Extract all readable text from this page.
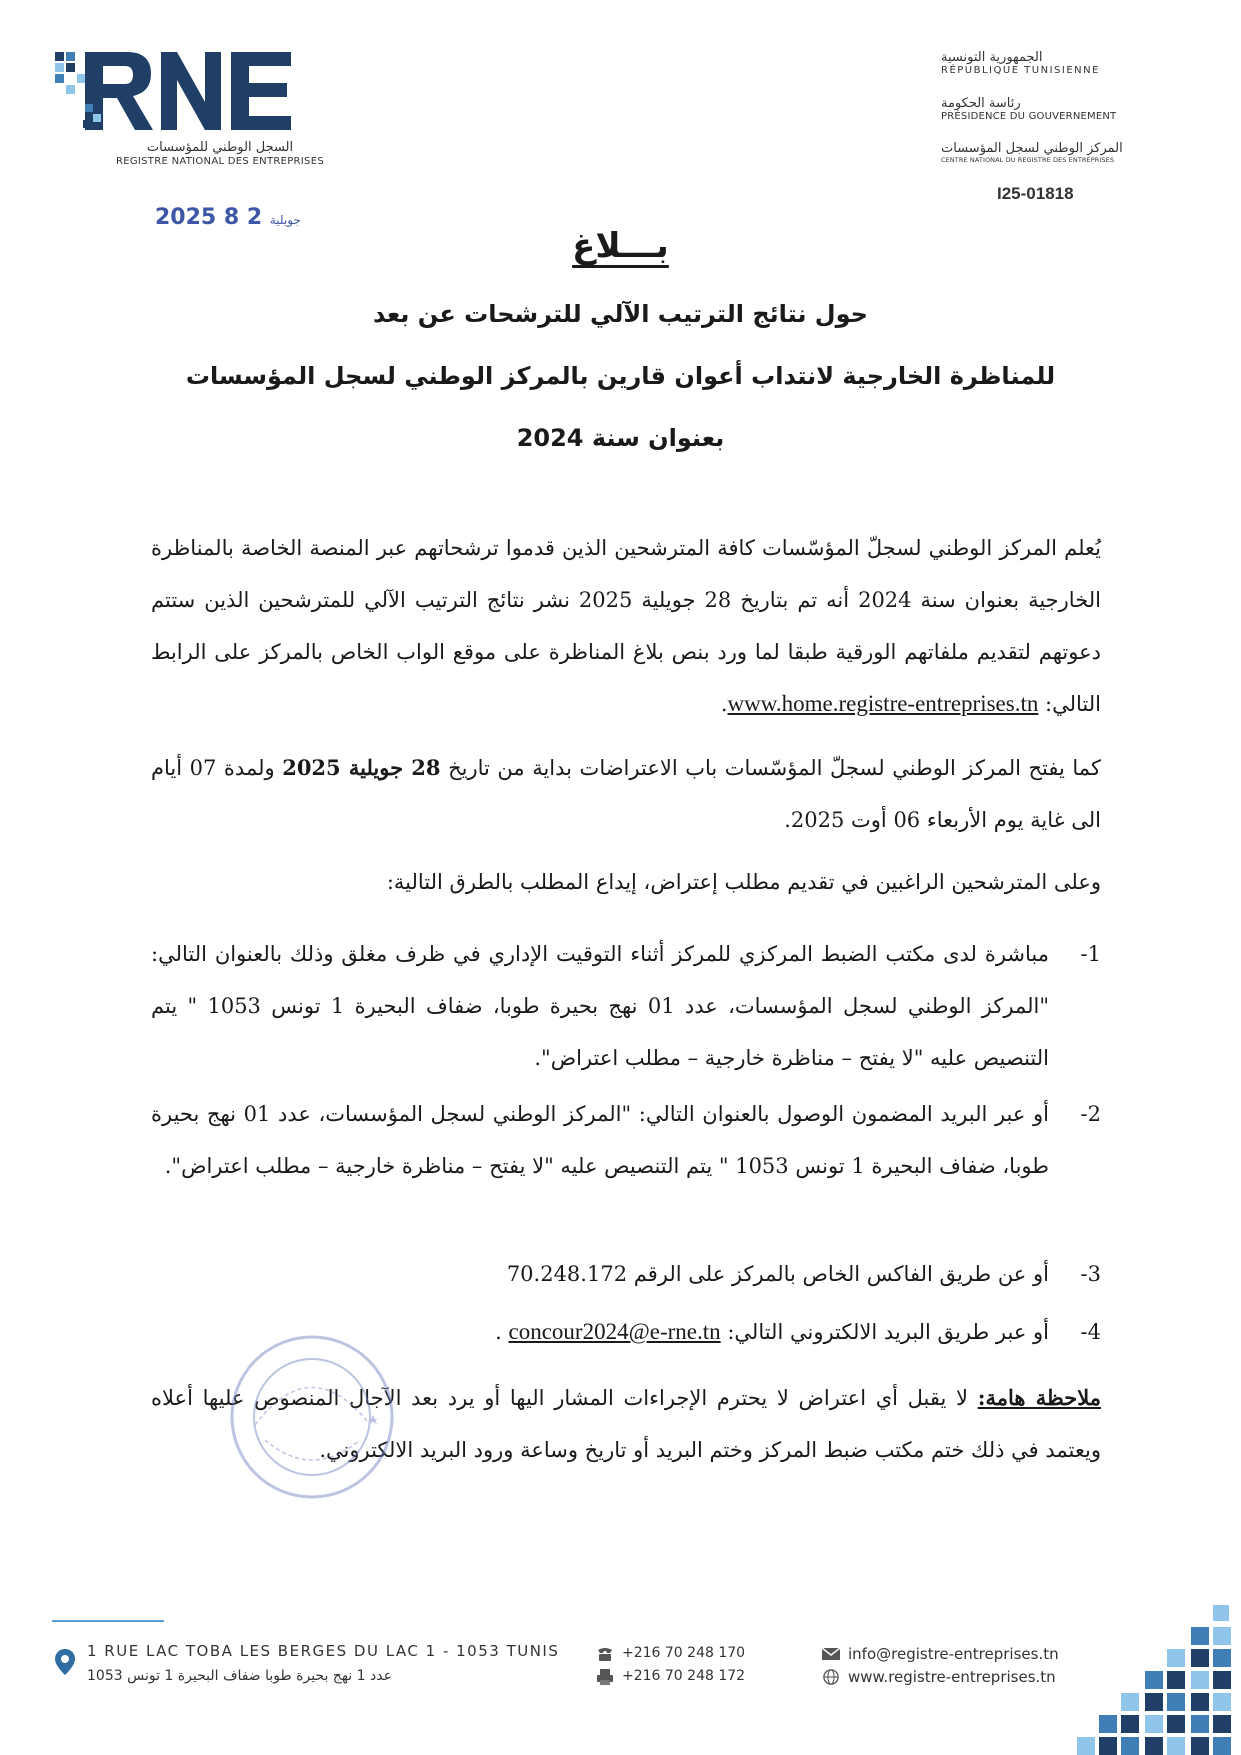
السجل الوطني للمؤسسات
REGISTRE NATIONAL DES ENTREPRISES
الجمهورية التونسية
RÉPUBLIQUE TUNISIENNE
رئاسة الحكومة
PRÉSIDENCE DU GOUVERNEMENT
المركز الوطني لسجل المؤسسات
CENTRE NATIONAL DU REGISTRE DES ENTREPRISES
I25-01818
2025	جويلية 2 8
بـــلاغ
حول نتائج الترتيب الآلي للترشحات عن بعد
للمناظرة الخارجية لانتداب أعوان قارين بالمركز الوطني لسجل المؤسسات
بعنوان سنة 2024
يُعلم المركز الوطني لسجلّ المؤسّسات كافة المترشحين الذين قدموا ترشحاتهم عبر المنصة الخاصة بالمناظرة الخارجية بعنوان سنة 2024 أنه تم بتاريخ 28 جويلية 2025 نشر نتائج الترتيب الآلي للمترشحين الذين ستتم دعوتهم لتقديم ملفاتهم الورقية طبقا لما ورد بنص بلاغ المناظرة على موقع الواب الخاص بالمركز على الرابط التالي: www.home.registre-entreprises.tn.
كما يفتح المركز الوطني لسجلّ المؤسّسات باب الاعتراضات بداية من تاريخ 28 جويلية 2025 ولمدة 07 أيام الى غاية يوم الأربعاء 06 أوت 2025.
وعلى المترشحين الراغبين في تقديم مطلب إعتراض، إيداع المطلب بالطرق التالية:
1-
مباشرة لدى مكتب الضبط المركزي للمركز أثناء التوقيت الإداري في ظرف مغلق وذلك بالعنوان التالي: "المركز الوطني لسجل المؤسسات، عدد 01 نهج بحيرة طوبا، ضفاف البحيرة 1 تونس 1053 " يتم التنصيص عليه "لا يفتح – مناظرة خارجية – مطلب اعتراض".
2-
أو عبر البريد المضمون الوصول بالعنوان التالي: "المركز الوطني لسجل المؤسسات، عدد 01 نهج بحيرة طوبا، ضفاف البحيرة 1 تونس 1053 " يتم التنصيص عليه "لا يفتح – مناظرة خارجية – مطلب اعتراض".
3-
أو عن طريق الفاكس الخاص بالمركز على الرقم 70.248.172
4-
أو عبر طريق البريد الالكتروني التالي: concour2024@e-rne.tn .
ملاحظة هامة: لا يقبل أي اعتراض لا يحترم الإجراءات المشار اليها أو يرد بعد الآجال المنصوص عليها أعلاه ويعتمد في ذلك ختم مكتب ضبط المركز وختم البريد أو تاريخ وساعة ورود البريد الالكتروني.
1 RUE LAC TOBA LES BERGES DU LAC 1 - 1053 TUNIS
عدد 1 نهج بحيرة طوبا ضفاف البحيرة 1 تونس 1053
+216 70 248 170
+216 70 248 172
info@registre-entreprises.tn
www.registre-entreprises.tn
